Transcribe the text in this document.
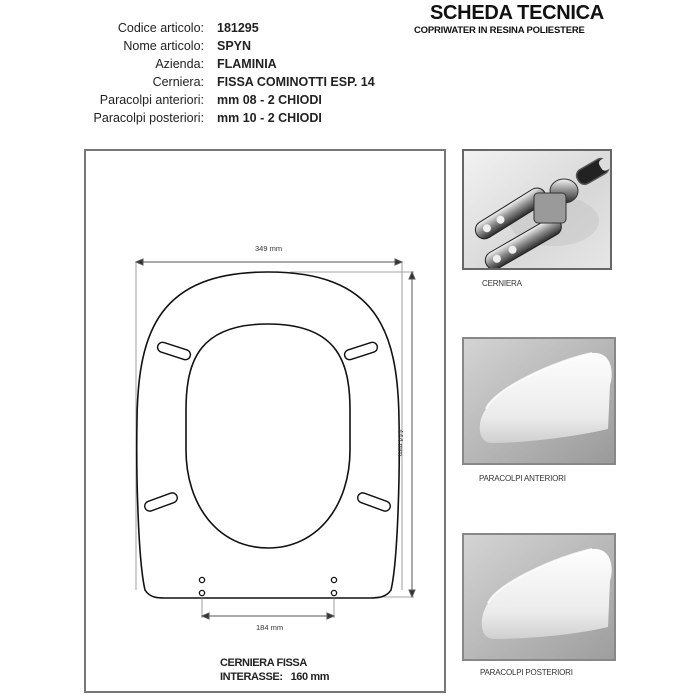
SCHEDA TECNICA
COPRIWATER IN RESINA POLIESTERE
Codice articolo: 181295
Nome articolo: SPYN
Azienda: FLAMINIA
Cerniera: FISSA COMINOTTI ESP. 14
Paracolpi anteriori: mm 08 - 2 CHIODI
Paracolpi posteriori: mm 10 - 2 CHIODI
349 mm
444 mm
184 mm
CERNIERA FISSA
INTERASSE:   160 mm
CERNIERA
PARACOLPI ANTERIORI
PARACOLPI POSTERIORI
